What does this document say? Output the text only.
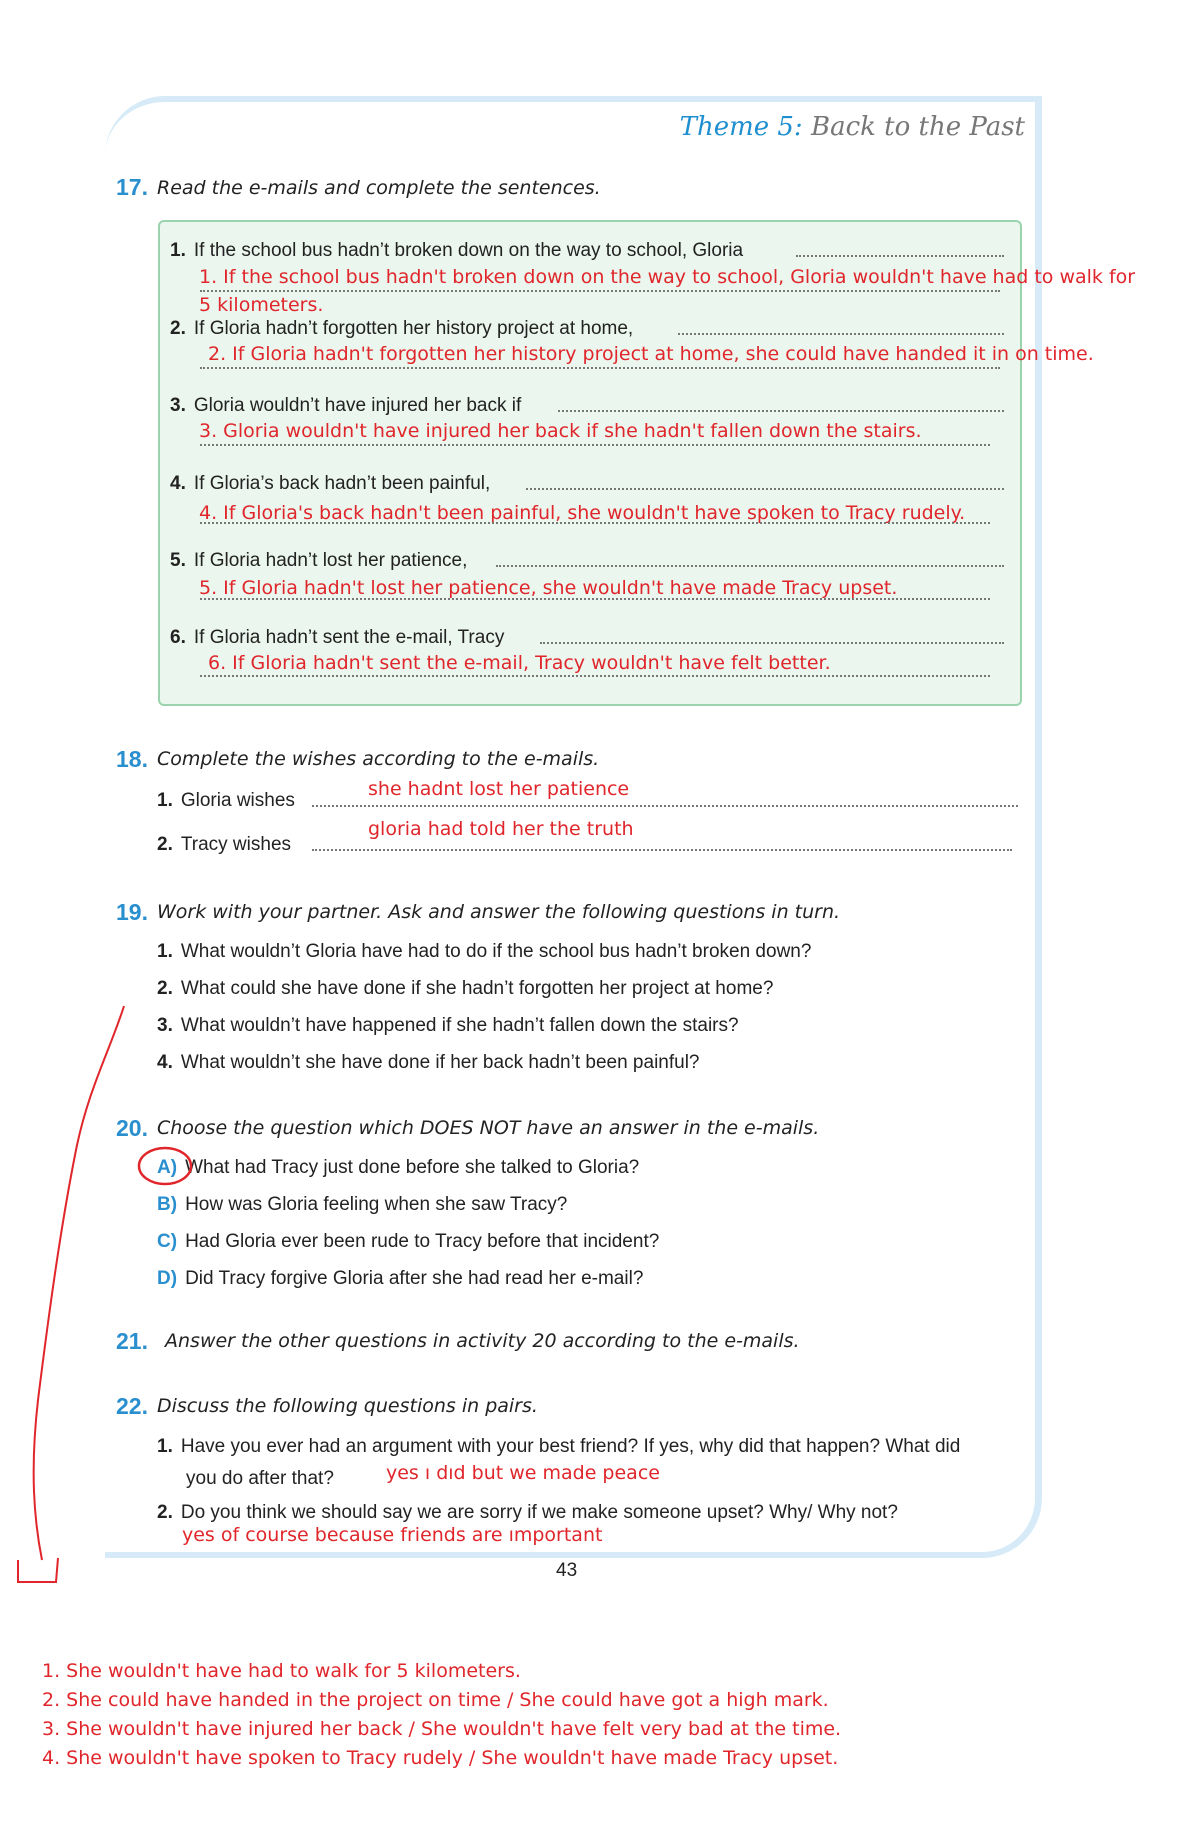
Theme 5: Back to the Past
17. Read the e-mails and complete the sentences.
1. If the school bus hadn’t broken down on the way to school, Gloria
1. If the school bus hadn't broken down on the way to school, Gloria wouldn't have had to walk for
5 kilometers.
2. If Gloria hadn’t forgotten her history project at home,
2. If Gloria hadn't forgotten her history project at home, she could have handed it in on time.
3. Gloria wouldn’t have injured her back if
3. Gloria wouldn't have injured her back if she hadn't fallen down the stairs.
4. If Gloria’s back hadn’t been painful,
4. If Gloria's back hadn't been painful, she wouldn't have spoken to Tracy rudely.
5. If Gloria hadn’t lost her patience,
5. If Gloria hadn't lost her patience, she wouldn't have made Tracy upset.
6. If Gloria hadn’t sent the e-mail, Tracy
6. If Gloria hadn't sent the e-mail, Tracy wouldn't have felt better.
18. Complete the wishes according to the e-mails.
1. Gloria wishes
she hadnt lost her patience
2. Tracy wishes
gloria had told her the truth
19. Work with your partner. Ask and answer the following questions in turn.
1. What wouldn’t Gloria have had to do if the school bus hadn’t broken down?
2. What could she have done if she hadn’t forgotten her project at home?
3. What wouldn’t have happened if she hadn’t fallen down the stairs?
4. What wouldn’t she have done if her back hadn’t been painful?
20. Choose the question which DOES NOT have an answer in the e-mails.
A) What had Tracy just done before she talked to Gloria?
B) How was Gloria feeling when she saw Tracy?
C) Had Gloria ever been rude to Tracy before that incident?
D) Did Tracy forgive Gloria after she had read her e-mail?
21. Answer the other questions in activity 20 according to the e-mails.
22. Discuss the following questions in pairs.
1. Have you ever had an argument with your best friend? If yes, why did that happen? What did
you do after that?	yes ı dıd but we made peace
2. Do you think we should say we are sorry if we make someone upset? Why/ Why not?
yes of course because friends are ımportant
43
1. She wouldn't have had to walk for 5 kilometers.
2. She could have handed in the project on time / She could have got a high mark.
3. She wouldn't have injured her back / She wouldn't have felt very bad at the time.
4. She wouldn't have spoken to Tracy rudely / She wouldn't have made Tracy upset.
